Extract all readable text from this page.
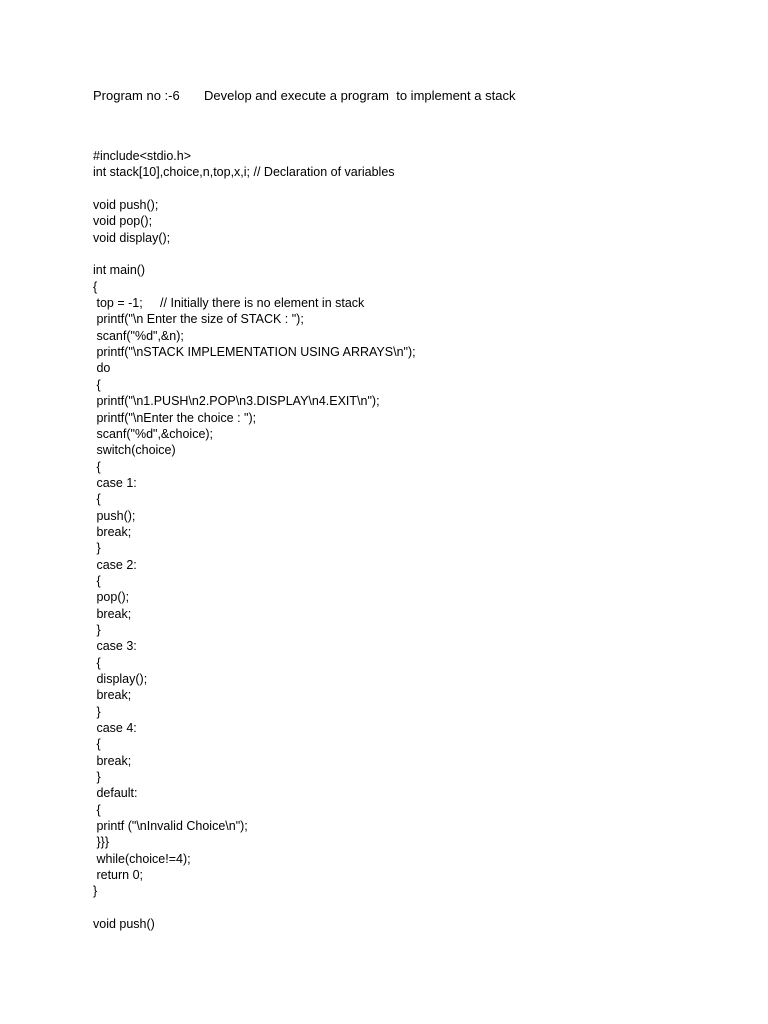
Program no :-6 Develop and execute a program  to implement a stack
#include<stdio.h>
int stack[10],choice,n,top,x,i; // Declaration of variables
void push();
void pop();
void display();
int main()
{
top = -1;     // Initially there is no element in stack
printf("\n Enter the size of STACK : ");
scanf("%d",&n);
printf("\nSTACK IMPLEMENTATION USING ARRAYS\n");
do
{
printf("\n1.PUSH\n2.POP\n3.DISPLAY\n4.EXIT\n");
printf("\nEnter the choice : ");
scanf("%d",&choice);
switch(choice)
{
case 1:
{
push();
break;
}
case 2:
{
pop();
break;
}
case 3:
{
display();
break;
}
case 4:
{
break;
}
default:
{
printf ("\nInvalid Choice\n");
}}}
while(choice!=4);
return 0;
}
void push()
